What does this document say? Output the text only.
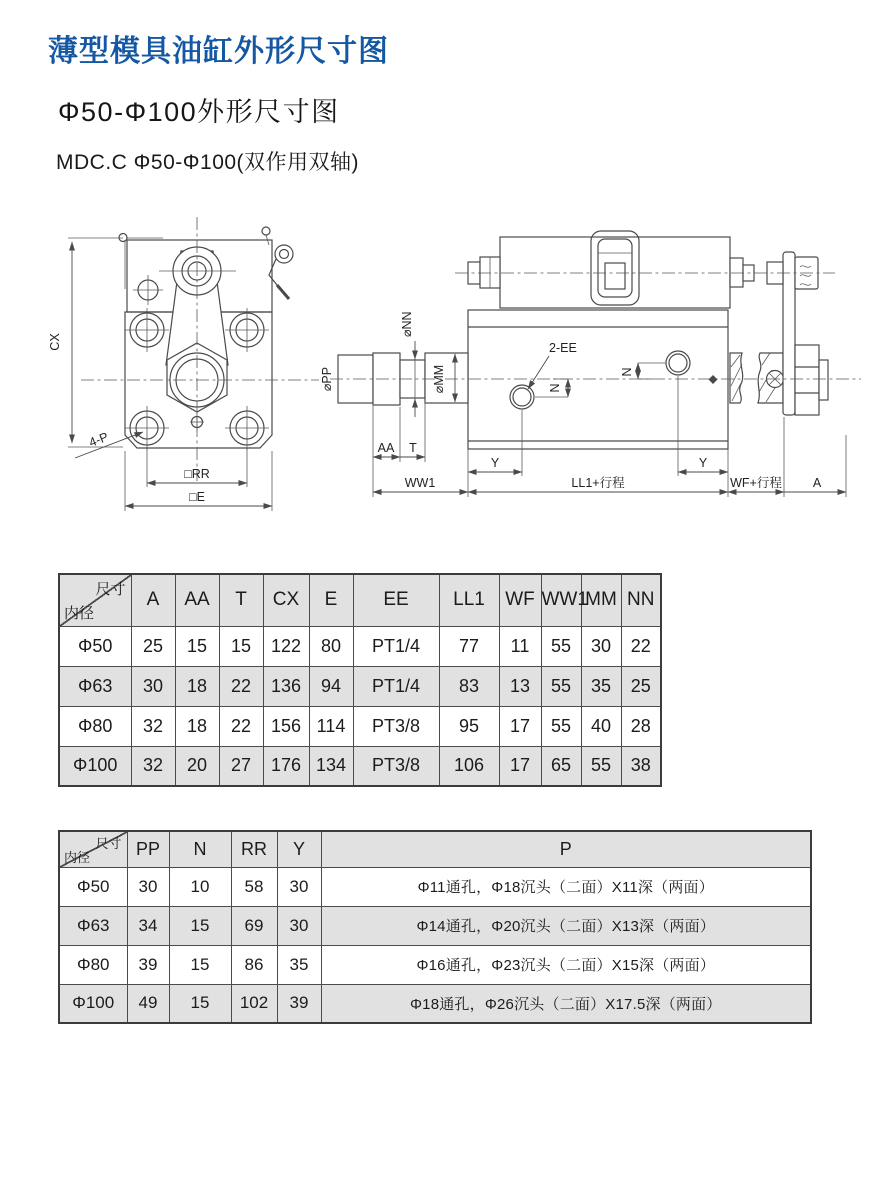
薄型模具油缸外形尺寸图
Φ50-Φ100外形尺寸图
MDC.C Φ50-Φ100(双作用双轴)
CX
4-P
□RR
□E
⌀PP
⌀NN
⌀MM
2-EE
N
N
AA T
Y	Y
WW1	LL1+行程	WF+行程 A
尺寸
内径	A	AA	T	CX	E	EE	LL1	WF	WW1	MM	NN
Φ50	25	15	15	122	80	PT1/4	77	11	55	30	22
Φ63	30	18	22	136	94	PT1/4	83	13	55	35	25
Φ80	32	18	22	156	114	PT3/8	95	17	55	40	28
Φ100	32	20	27	176	134	PT3/8	106	17	65	55	38
尺寸
内径	PP	N	RR	Y	P
Φ50	30	10	58	30	Φ11通孔，Φ18沉头（二面）X11深（两面）
Φ63	34	15	69	30	Φ14通孔，Φ20沉头（二面）X13深（两面）
Φ80	39	15	86	35	Φ16通孔，Φ23沉头（二面）X15深（两面）
Φ100	49	15	102	39	Φ18通孔，Φ26沉头（二面）X17.5深（两面）
